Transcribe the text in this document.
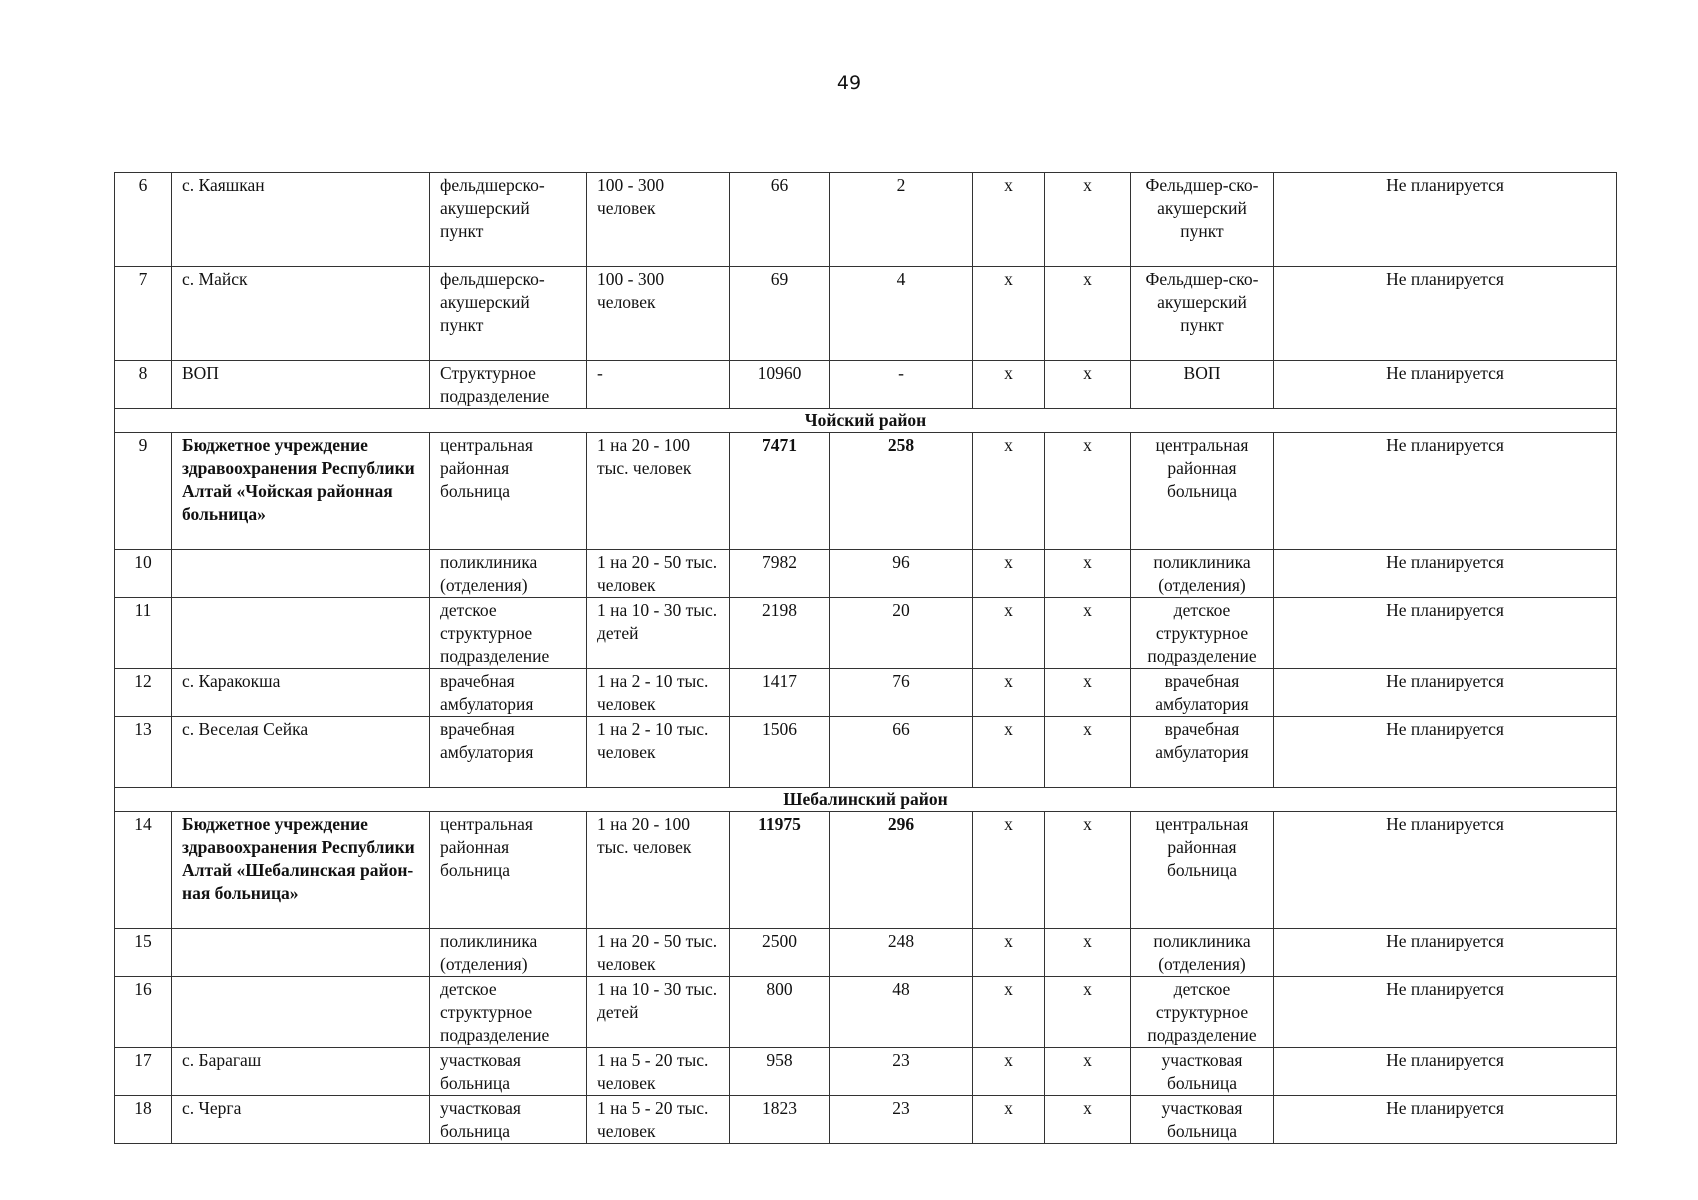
49
6	с. Каяшкан	фельдшерско-акушерский пункт	100 - 300 человек	66	2	х	х	Фельдшер-ско-акушерский пункт	Не планируется
7	с. Майск	фельдшерско-акушерский пункт	100 - 300 человек	69	4	х	х	Фельдшер-ско-акушерский пункт	Не планируется
8	ВОП	Структурное подразделение	-	10960	-	х	х	ВОП	Не планируется
Чойский район									
9	Бюджетное учреждение здравоохранения Республики Алтай «Чойская районная больница»	центральная районная больница	1 на 20 - 100 тыс. человек	7471	258	х	х	центральная районная больница	Не планируется
10		поликлиника (отделения)	1 на 20 - 50 тыс. человек	7982	96	х	х	поликлиника (отделения)	Не планируется
11		детское структурное подразделение	1 на 10 - 30 тыс. детей	2198	20	х	х	детское структурное подразделение	Не планируется
12	с. Каракокша	врачебная амбулатория	1 на 2 - 10 тыс. человек	1417	76	х	х	врачебная амбулатория	Не планируется
13	с. Веселая Сейка	врачебная амбулатория	1 на 2 - 10 тыс. человек	1506	66	х	х	врачебная амбулатория	Не планируется
Шебалинский район									
14	Бюджетное учреждение здравоохранения Республики Алтай «Шебалинская район-ная больница»	центральная районная больница	1 на 20 - 100 тыс. человек	11975	296	х	х	центральная районная больница	Не планируется
15		поликлиника (отделения)	1 на 20 - 50 тыс. человек	2500	248	х	х	поликлиника (отделения)	Не планируется
16		детское структурное подразделение	1 на 10 - 30 тыс. детей	800	48	х	х	детское структурное подразделение	Не планируется
17	с. Барагаш	участковая больница	1 на 5 - 20 тыс. человек	958	23	х	х	участковая больница	Не планируется
18	с. Черга	участковая больница	1 на 5 - 20 тыс. человек	1823	23	х	х	участковая больница	Не планируется
